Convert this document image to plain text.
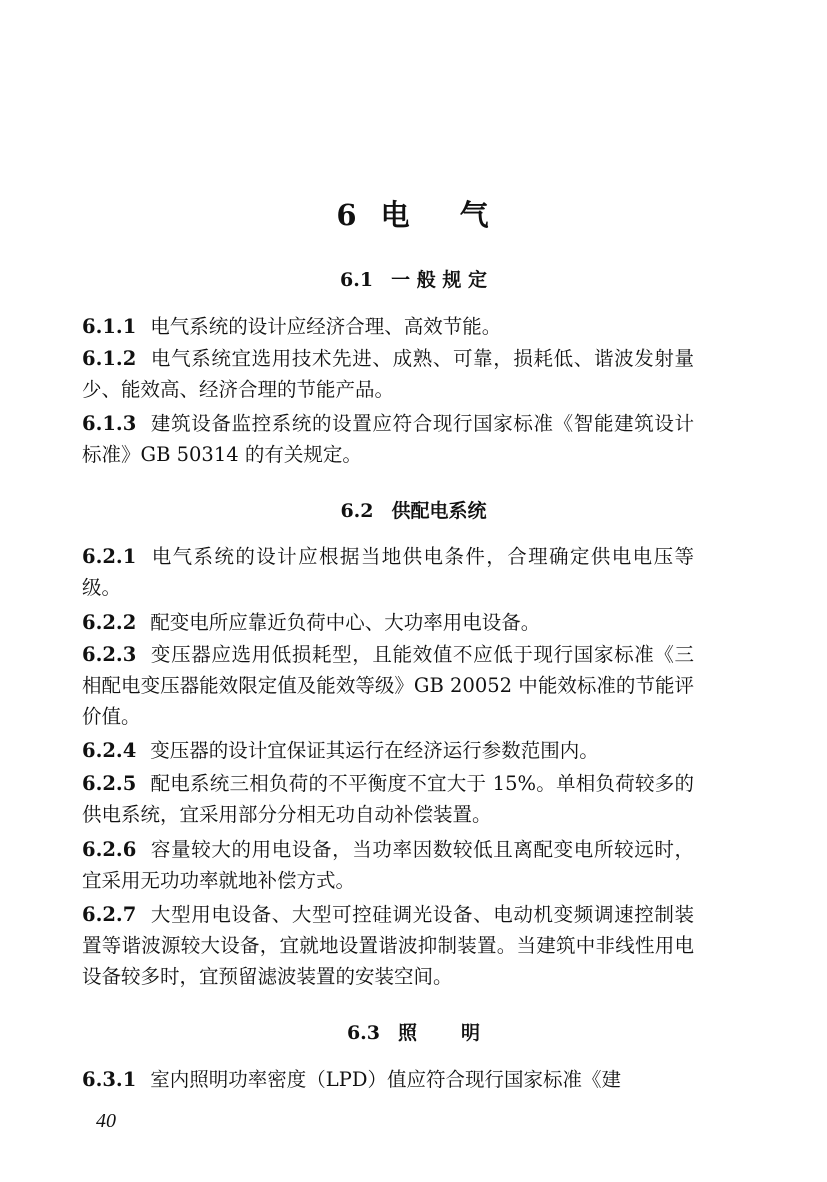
6 电 气
6.1 一 般 规 定
6.1.1 电气系统的设计应经济合理、高效节能。
6.1.2 电气系统宜选用技术先进、成熟、可靠，损耗低、谐波发射量少、能效高、经济合理的节能产品。
6.1.3 建筑设备监控系统的设置应符合现行国家标准《智能建筑设计标准》GB 50314 的有关规定。
6.2 供配电系统
6.2.1 电气系统的设计应根据当地供电条件，合理确定供电电压等级。
6.2.2 配变电所应靠近负荷中心、大功率用电设备。
6.2.3 变压器应选用低损耗型，且能效值不应低于现行国家标准《三相配电变压器能效限定值及能效等级》GB 20052 中能效标准的节能评价值。
6.2.4 变压器的设计宜保证其运行在经济运行参数范围内。
6.2.5 配电系统三相负荷的不平衡度不宜大于 15%。单相负荷较多的供电系统，宜采用部分分相无功自动补偿装置。
6.2.6 容量较大的用电设备，当功率因数较低且离配变电所较远时，宜采用无功功率就地补偿方式。
6.2.7 大型用电设备、大型可控硅调光设备、电动机变频调速控制装置等谐波源较大设备，宜就地设置谐波抑制装置。当建筑中非线性用电设备较多时，宜预留滤波装置的安装空间。
6.3 照 明
6.3.1 室内照明功率密度（LPD）值应符合现行国家标准《建
40
